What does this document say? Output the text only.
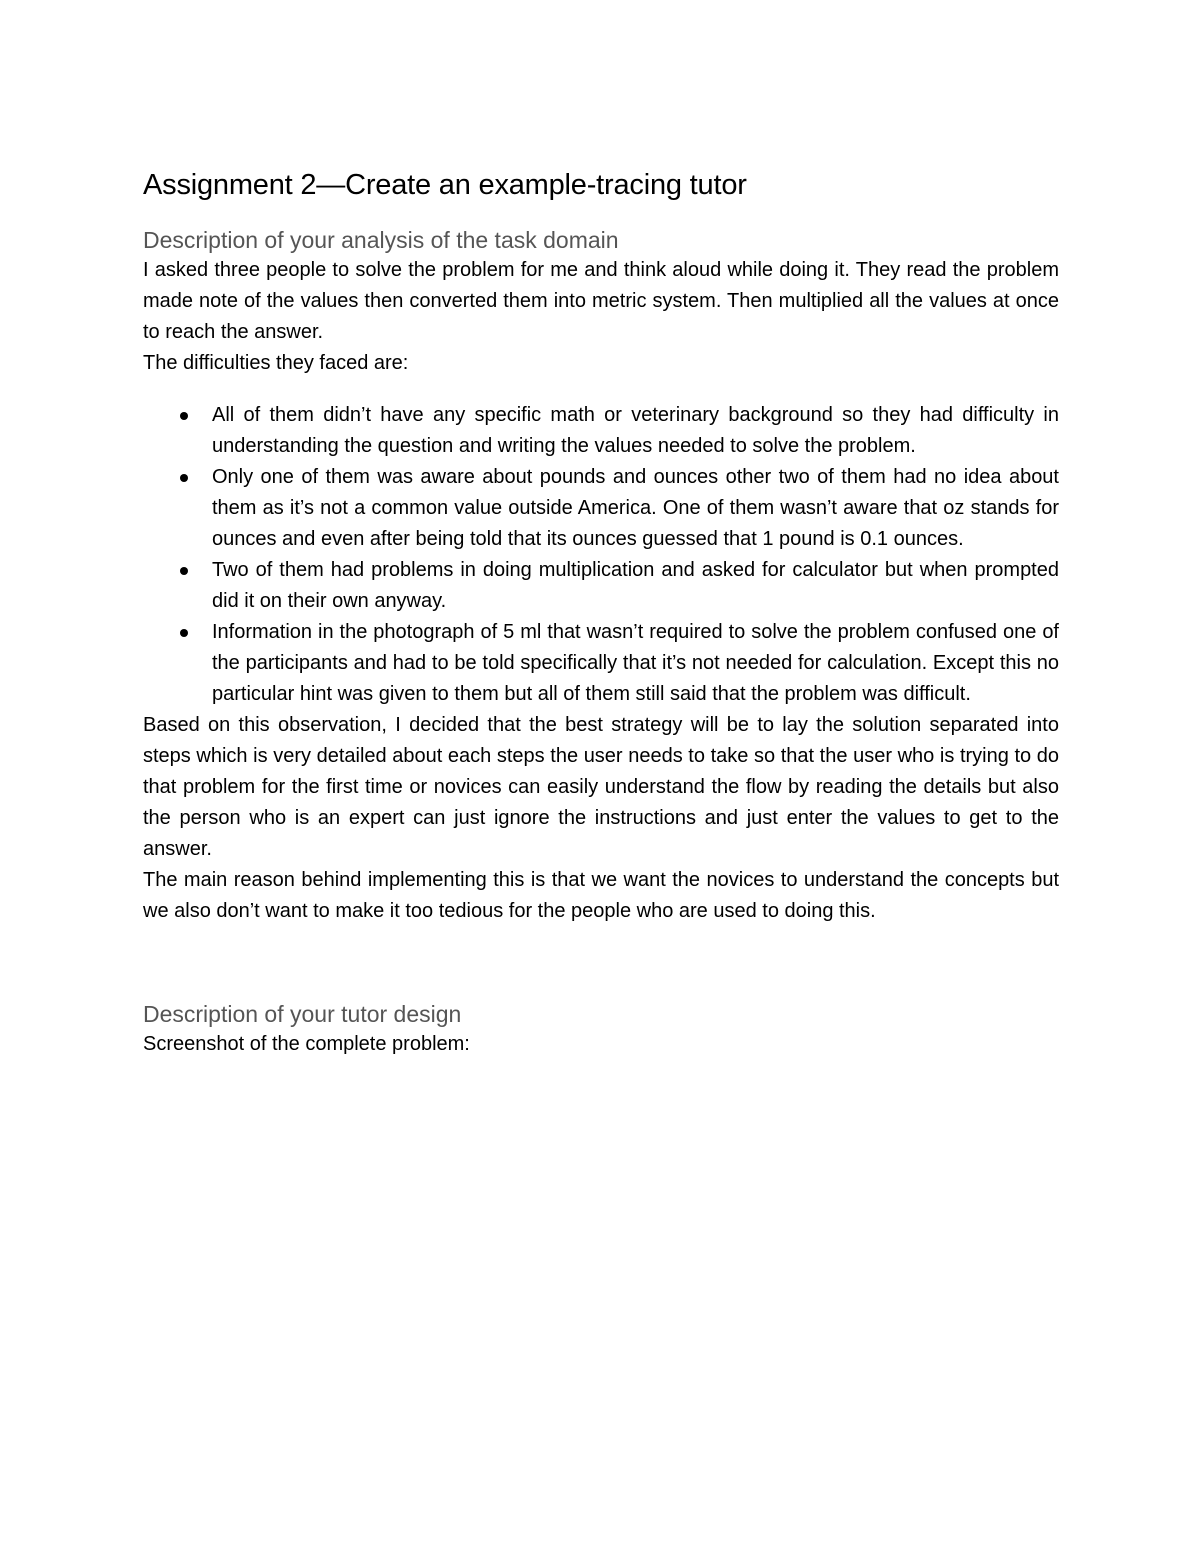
Assignment 2—Create an example-tracing tutor
Description of your analysis of the task domain

I asked three people to solve the problem for me and think aloud while doing it. They read the problem made note of the values then converted them into metric system. Then multiplied all the values at once to reach the answer.

The difficulties they faced are:

All of them didn’t have any specific math or veterinary background so they had difficulty in understanding the question and writing the values needed to solve the problem.
Only one of them was aware about pounds and ounces other two of them had no idea about them as it’s not a common value outside America. One of them wasn’t aware that oz stands for ounces and even after being told that its ounces guessed that 1 pound is 0.1 ounces.
Two of them had problems in doing multiplication and asked for calculator but when prompted did it on their own anyway.
Information in the photograph of 5 ml that wasn’t required to solve the problem confused one of the participants and had to be told specifically that it’s not needed for calculation. Except this no particular hint was given to them but all of them still said that the problem was difficult.

Based on this observation, I decided that the best strategy will be to lay the solution separated into steps which is very detailed about each steps the user needs to take so that the user who is trying to do that problem for the first time or novices can easily understand the flow by reading the details but also the person who is an expert can just ignore the instructions and just enter the values to get to the answer.

The main reason behind implementing this is that we want the novices to understand the concepts but we also don’t want to make it too tedious for the people who are used to doing this.

Description of your tutor design

Screenshot of the complete problem:
